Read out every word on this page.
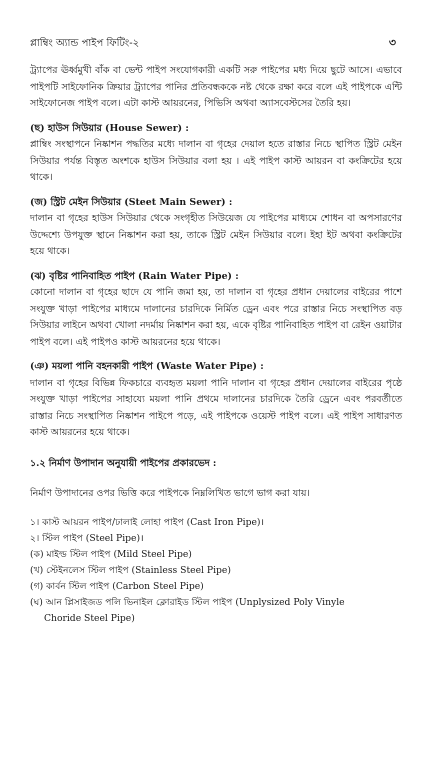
প্লাম্বিং অ্যান্ড পাইপ ফিটিং-২	৩

ট্র্যাপের ঊর্ধ্বমুখী বাঁক বা ভেন্ট পাইপ সংযোগকারী একটি সরু পাইপের মধ্য দিয়ে ছুটে আসে। এভাবে পাইপটি সাইফোনিক ক্রিয়ার ট্র্যাপের পানির প্রতিবন্ধককে নষ্ট থেকে রক্ষা করে বলে এই পাইপকে এন্টি সাইফোনেজ পাইপ বলে। এটা কাস্ট আয়রনের, পিভিসি অথবা অ্যাসবেস্টসের তৈরি হয়।

(ছ) হাউস সিউয়ার (House Sewer) :

প্লাম্বিং সংস্থাপনে নিষ্কাশন পদ্ধতির মধ্যে দালান বা গৃহের দেয়াল হতে রাস্তার নিচে স্থাপিত স্ট্রিট মেইন সিউয়ার পর্যন্ত বিস্তৃত অংশকে হাউস সিউয়ার বলা হয় । এই পাইপ কাস্ট আয়রন বা কংক্রিটের হয়ে থাকে।

(জ) স্ট্রিট মেইন সিউয়ার (Steet Main Sewer) :

দালান বা গৃহের হাউস সিউয়ার থেকে সংগৃহীত সিউয়েজ যে পাইপের মাধ্যমে শোধন বা অপসারণের উদ্দেশ্যে উপযুক্ত স্থানে নিষ্কাশন করা হয়, তাকে স্ট্রিট মেইন সিউয়ার বলে। ইহা ইট অথবা কংক্রিটের হয়ে থাকে।

(ঝ) বৃষ্টির পানিবাহিত পাইপ (Rain Water Pipe) :

কোনো দালান বা গৃহের ছাদে যে পানি জমা হয়, তা দালান বা গৃহের প্রধান দেয়ালের বাইরের পাশে সংযুক্ত খাড়া পাইপের মাধ্যমে দালানের চারদিকে নির্মিত ড্রেন এবং পরে রাস্তার নিচে সংস্থাপিত বড় সিউয়ার লাইনে অথবা খোলা নদর্মায় নিষ্কাশন করা হয়, একে বৃষ্টির পানিবাহিত পাইপ বা রেইন ওয়াটার পাইপ বলে। এই পাইপও কাস্ট আয়রনের হয়ে থাকে।

(ঞ) ময়লা পানি বহনকারী পাইপ (Waste Water Pipe) :

দালান বা গৃহের বিভিন্ন ফিকচারে ব্যবহৃত ময়লা পানি দালান বা গৃহের প্রধান দেয়ালের বাইরের পৃষ্ঠে সংযুক্ত খাড়া পাইপের সাহায্যে ময়লা পানি প্রথমে দালানের চারদিকে তৈরি ড্রেনে এবং পরবর্তীতে রাস্তার নিচে সংস্থাপিত নিষ্কাশন পাইপে পড়ে, এই পাইপকে ওয়েস্ট পাইপ বলে। এই পাইপ সাধারণত কাস্ট আয়রনের হয়ে থাকে।

১.২ নির্মাণ উপাদান অনুযায়ী পাইপের প্রকারভেদ :

নির্মাণ উপাদানের ওপর ভিত্তি করে পাইপকে নিম্নলিখিত ভাগে ভাগ করা যায়।

১। কাস্ট আয়রন পাইপ/ঢালাই লোহা পাইপ (Cast Iron Pipe)।
২। স্টিল পাইপ (Steel Pipe)।
(ক) মাইল্ড স্টিল পাইপ (Mild Steel Pipe)
(খ) স্টেইনলেস স্টিল পাইপ (Stainless Steel Pipe)
(গ) কার্বন স্টিল পাইপ (Carbon Steel Pipe)
(ঘ) আন প্লিসাইজড পলি ভিনাইল ক্লোরাইড স্টিল পাইপ (Unplysized Poly Vinyle
Choride Steel Pipe)
